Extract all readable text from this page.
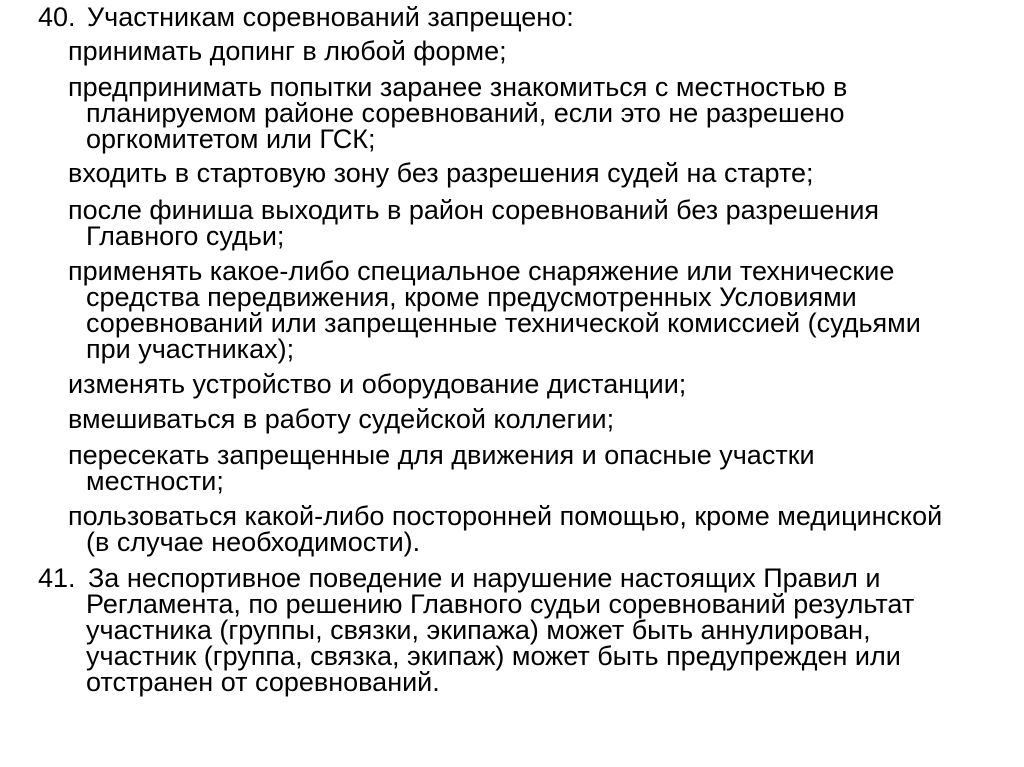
40. Участникам соревнований запрещено:
принимать допинг в любой форме;
предпринимать попытки заранее знакомиться с местностью в
планируемом районе соревнований, если это не разрешено
оргкомитетом или ГСК;
входить в стартовую зону без разрешения судей на старте;
после финиша выходить в район соревнований без разрешения
Главного судьи;
применять какое-либо специальное снаряжение или технические
средства передвижения, кроме предусмотренных Условиями
соревнований или запрещенные технической комиссией (судьями
при участниках);
изменять устройство и оборудование дистанции;
вмешиваться в работу судейской коллегии;
пересекать запрещенные для движения и опасные участки
местности;
пользоваться какой-либо посторонней помощью, кроме медицинской
(в случае необходимости).
41. За неспортивное поведение и нарушение настоящих Правил и
Регламента, по решению Главного судьи соревнований результат
участника (группы, связки, экипажа) может быть аннулирован,
участник (группа, связка, экипаж) может быть предупрежден или
отстранен от соревнований.
